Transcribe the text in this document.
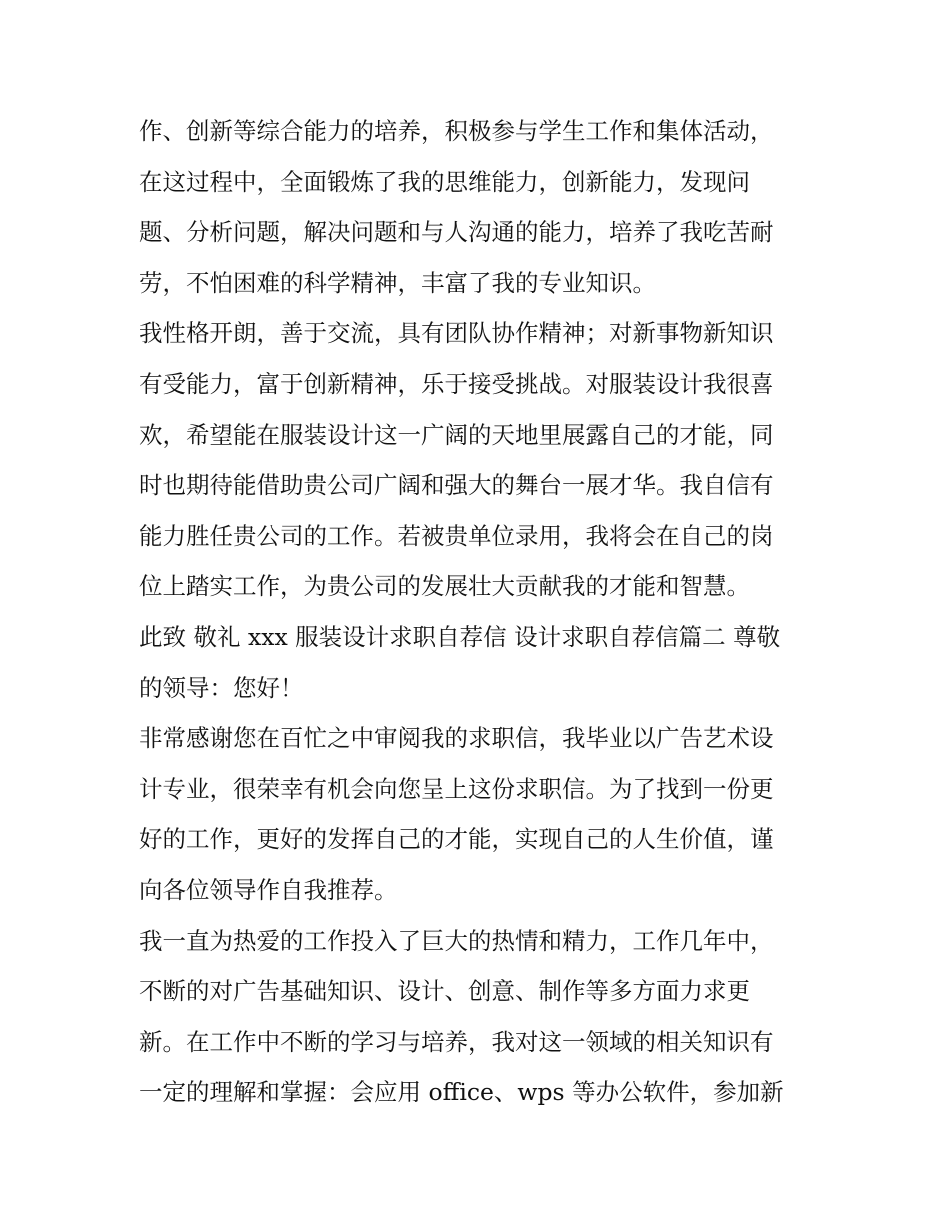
作、创新等综合能力的培养，积极参与学生工作和集体活动，
在这过程中，全面锻炼了我的思维能力，创新能力，发现问
题、分析问题，解决问题和与人沟通的能力，培养了我吃苦耐
劳，不怕困难的科学精神，丰富了我的专业知识。
我性格开朗，善于交流，具有团队协作精神；对新事物新知识
有受能力，富于创新精神，乐于接受挑战。对服装设计我很喜
欢，希望能在服装设计这一广阔的天地里展露自己的才能，同
时也期待能借助贵公司广阔和强大的舞台一展才华。我自信有
能力胜任贵公司的工作。若被贵单位录用，我将会在自己的岗
位上踏实工作，为贵公司的发展壮大贡献我的才能和智慧。
此致 敬礼 xxx 服装设计求职自荐信 设计求职自荐信篇二 尊敬
的领导：您好！
非常感谢您在百忙之中审阅我的求职信，我毕业以广告艺术设
计专业，很荣幸有机会向您呈上这份求职信。为了找到一份更
好的工作，更好的发挥自己的才能，实现自己的人生价值，谨
向各位领导作自我推荐。
我一直为热爱的工作投入了巨大的热情和精力，工作几年中，
不断的对广告基础知识、设计、创意、制作等多方面力求更
新。在工作中不断的学习与培养，我对这一领域的相关知识有
一定的理解和掌握：会应用 office、wps 等办公软件，参加新
